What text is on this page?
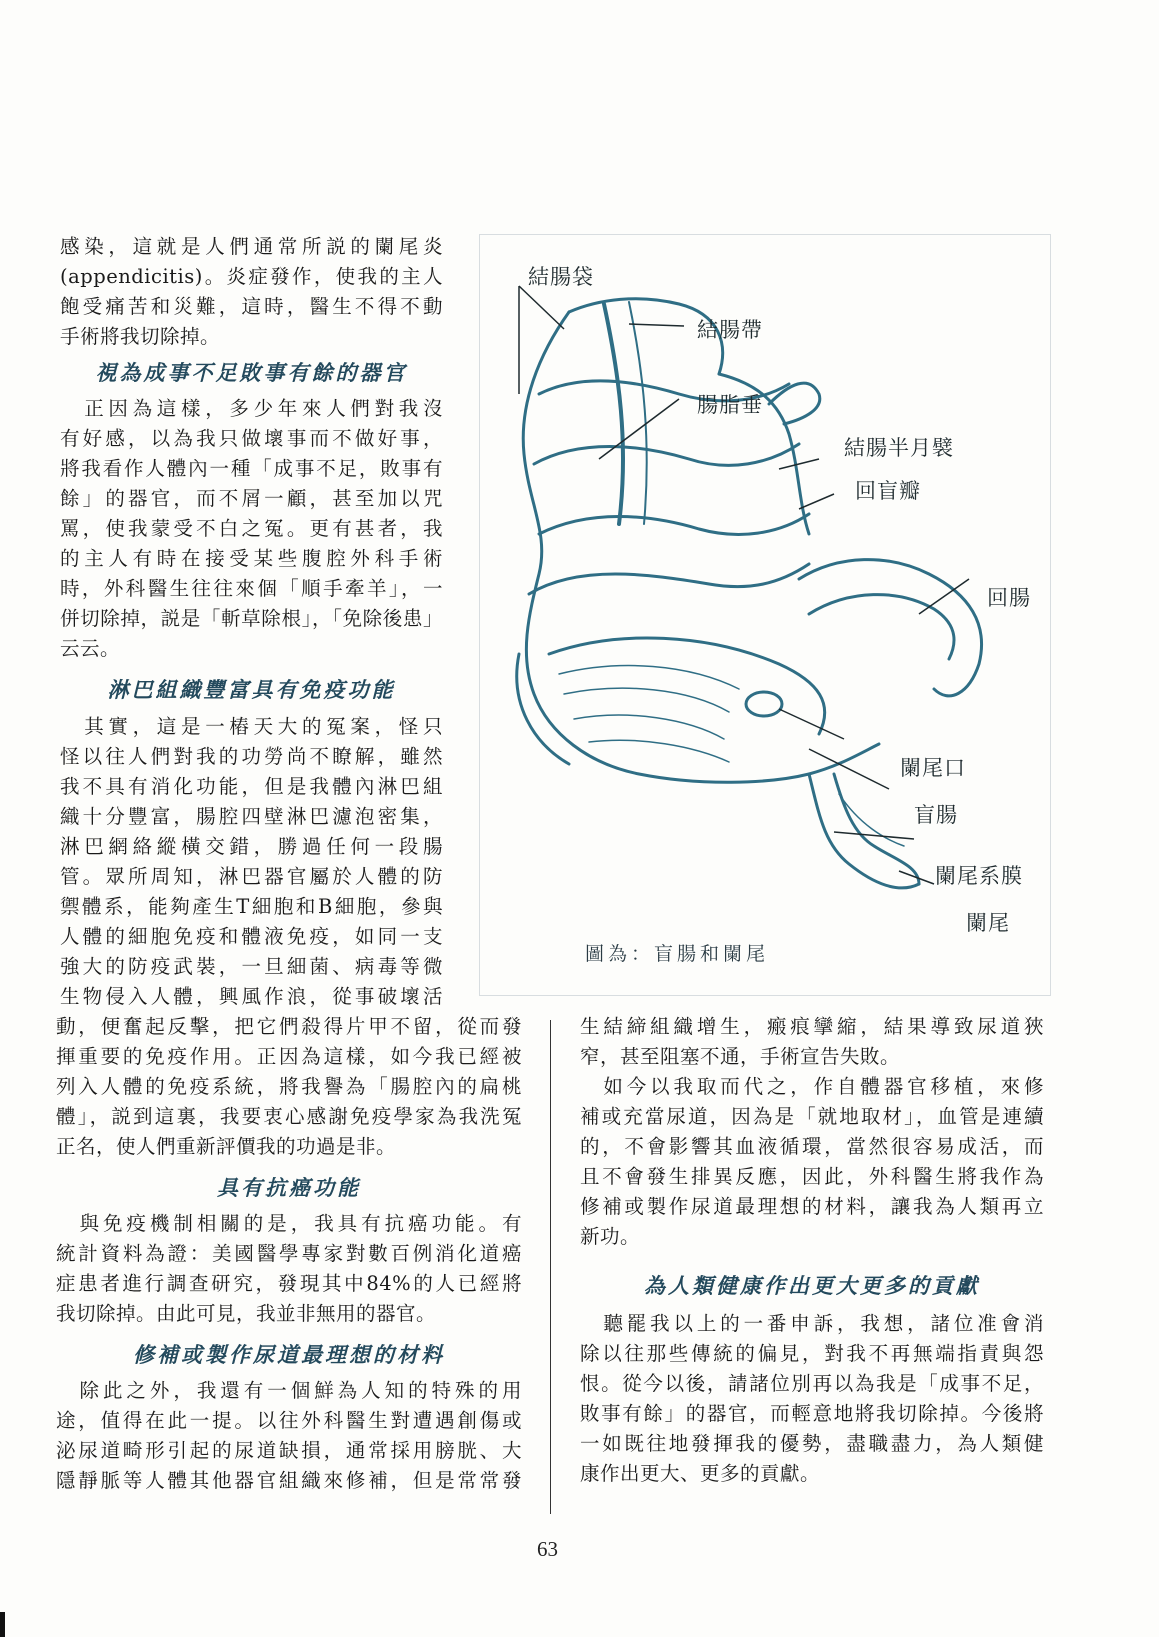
感染，這就是人們通常所説的闌尾炎
(appendicitis)。炎症發作，使我的主人
飽受痛苦和災難，這時，醫生不得不動
手術將我切除掉。
視為成事不足敗事有餘的器官
　正因為這樣，多少年來人們對我沒
有好感，以為我只做壞事而不做好事，
將我看作人體內一種「成事不足，敗事有
餘」的器官，而不屑一顧，甚至加以咒
罵，使我蒙受不白之冤。更有甚者，我
的主人有時在接受某些腹腔外科手術
時，外科醫生往往來個「順手牽羊」，一
併切除掉，説是「斬草除根」，「免除後患」
云云。
淋巴組織豐富具有免疫功能
　其實，這是一樁天大的冤案，怪只
怪以往人們對我的功勞尚不瞭解，雖然
我不具有消化功能，但是我體內淋巴組
織十分豐富，腸腔四壁淋巴濾泡密集，
淋巴網絡縱橫交錯，勝過任何一段腸
管。眾所周知，淋巴器官屬於人體的防
禦體系，能夠產生T細胞和B細胞，參與
人體的細胞免疫和體液免疫，如同一支
強大的防疫武裝，一旦細菌、病毒等微
生物侵入人體，興風作浪，從事破壞活
動，便奮起反擊，把它們殺得片甲不留，從而發
揮重要的免疫作用。正因為這樣，如今我已經被
列入人體的免疫系統，將我譽為「腸腔內的扁桃
體」，説到這裏，我要衷心感謝免疫學家為我洗冤
正名，使人們重新評價我的功過是非。
具有抗癌功能
　與免疫機制相關的是，我具有抗癌功能。有
統計資料為證：美國醫學專家對數百例消化道癌
症患者進行調查研究，發現其中84%的人已經將
我切除掉。由此可見，我並非無用的器官。
修補或製作尿道最理想的材料
　除此之外，我還有一個鮮為人知的特殊的用
途，值得在此一提。以往外科醫生對遭遇創傷或
泌尿道畸形引起的尿道缺損，通常採用膀胱、大
隱靜脈等人體其他器官組織來修補，但是常常發
生結締組織增生，瘢痕攣縮，結果導致尿道狹
窄，甚至阻塞不通，手術宣告失敗。
　如今以我取而代之，作自體器官移植，來修
補或充當尿道，因為是「就地取材」，血管是連續
的，不會影響其血液循環，當然很容易成活，而
且不會發生排異反應，因此，外科醫生將我作為
修補或製作尿道最理想的材料，讓我為人類再立
新功。
為人類健康作出更大更多的貢獻
　聽罷我以上的一番申訴，我想，諸位准會消
除以往那些傳統的偏見，對我不再無端指責與怨
恨。從今以後，請諸位別再以為我是「成事不足，
敗事有餘」的器官，而輕意地將我切除掉。今後將
一如既往地發揮我的優勢，盡職盡力，為人類健
康作出更大、更多的貢獻。
結腸袋
結腸帶
腸脂垂
結腸半月襞
回盲瓣
回腸
闌尾口
盲腸
闌尾系膜
闌尾
圖為：盲腸和闌尾
63
